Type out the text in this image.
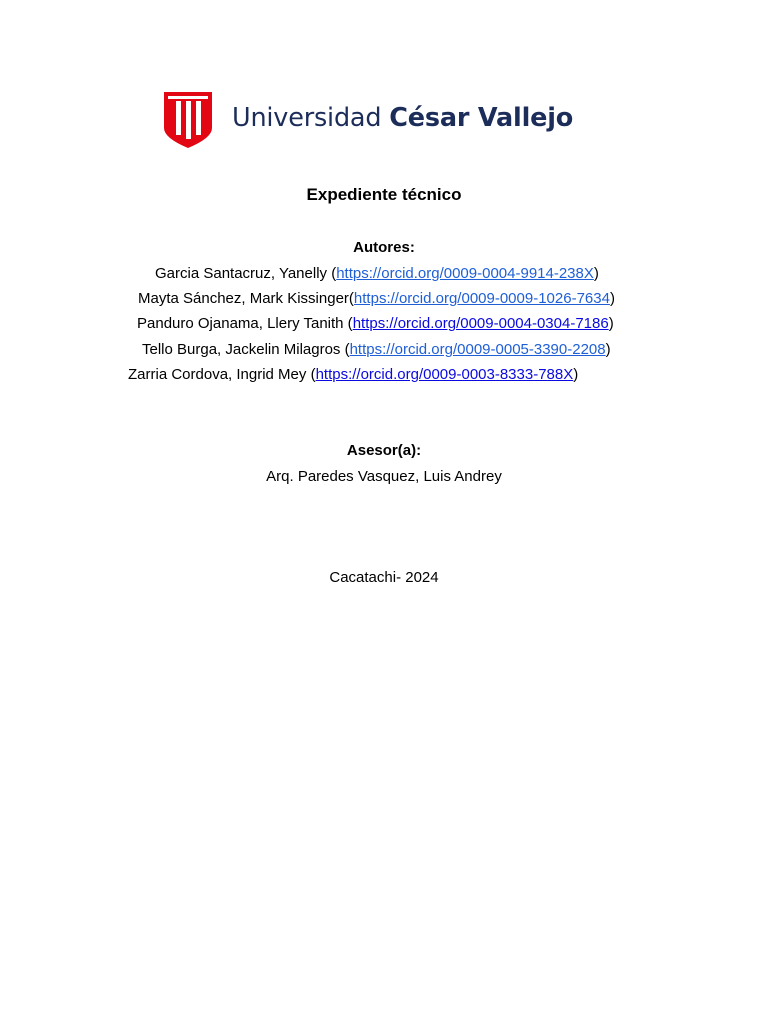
Universidad César Vallejo
Expediente técnico
Autores:
Garcia Santacruz, Yanelly (https://orcid.org/0009-0004-9914-238X)
Mayta Sánchez, Mark Kissinger(https://orcid.org/0009-0009-1026-7634)
Panduro Ojanama, Llery Tanith (https://orcid.org/0009-0004-0304-7186)
Tello Burga, Jackelin Milagros (https://orcid.org/0009-0005-3390-2208)
Zarria Cordova, Ingrid Mey (https://orcid.org/0009-0003-8333-788X)
Asesor(a):
Arq. Paredes Vasquez, Luis Andrey
Cacatachi- 2024
